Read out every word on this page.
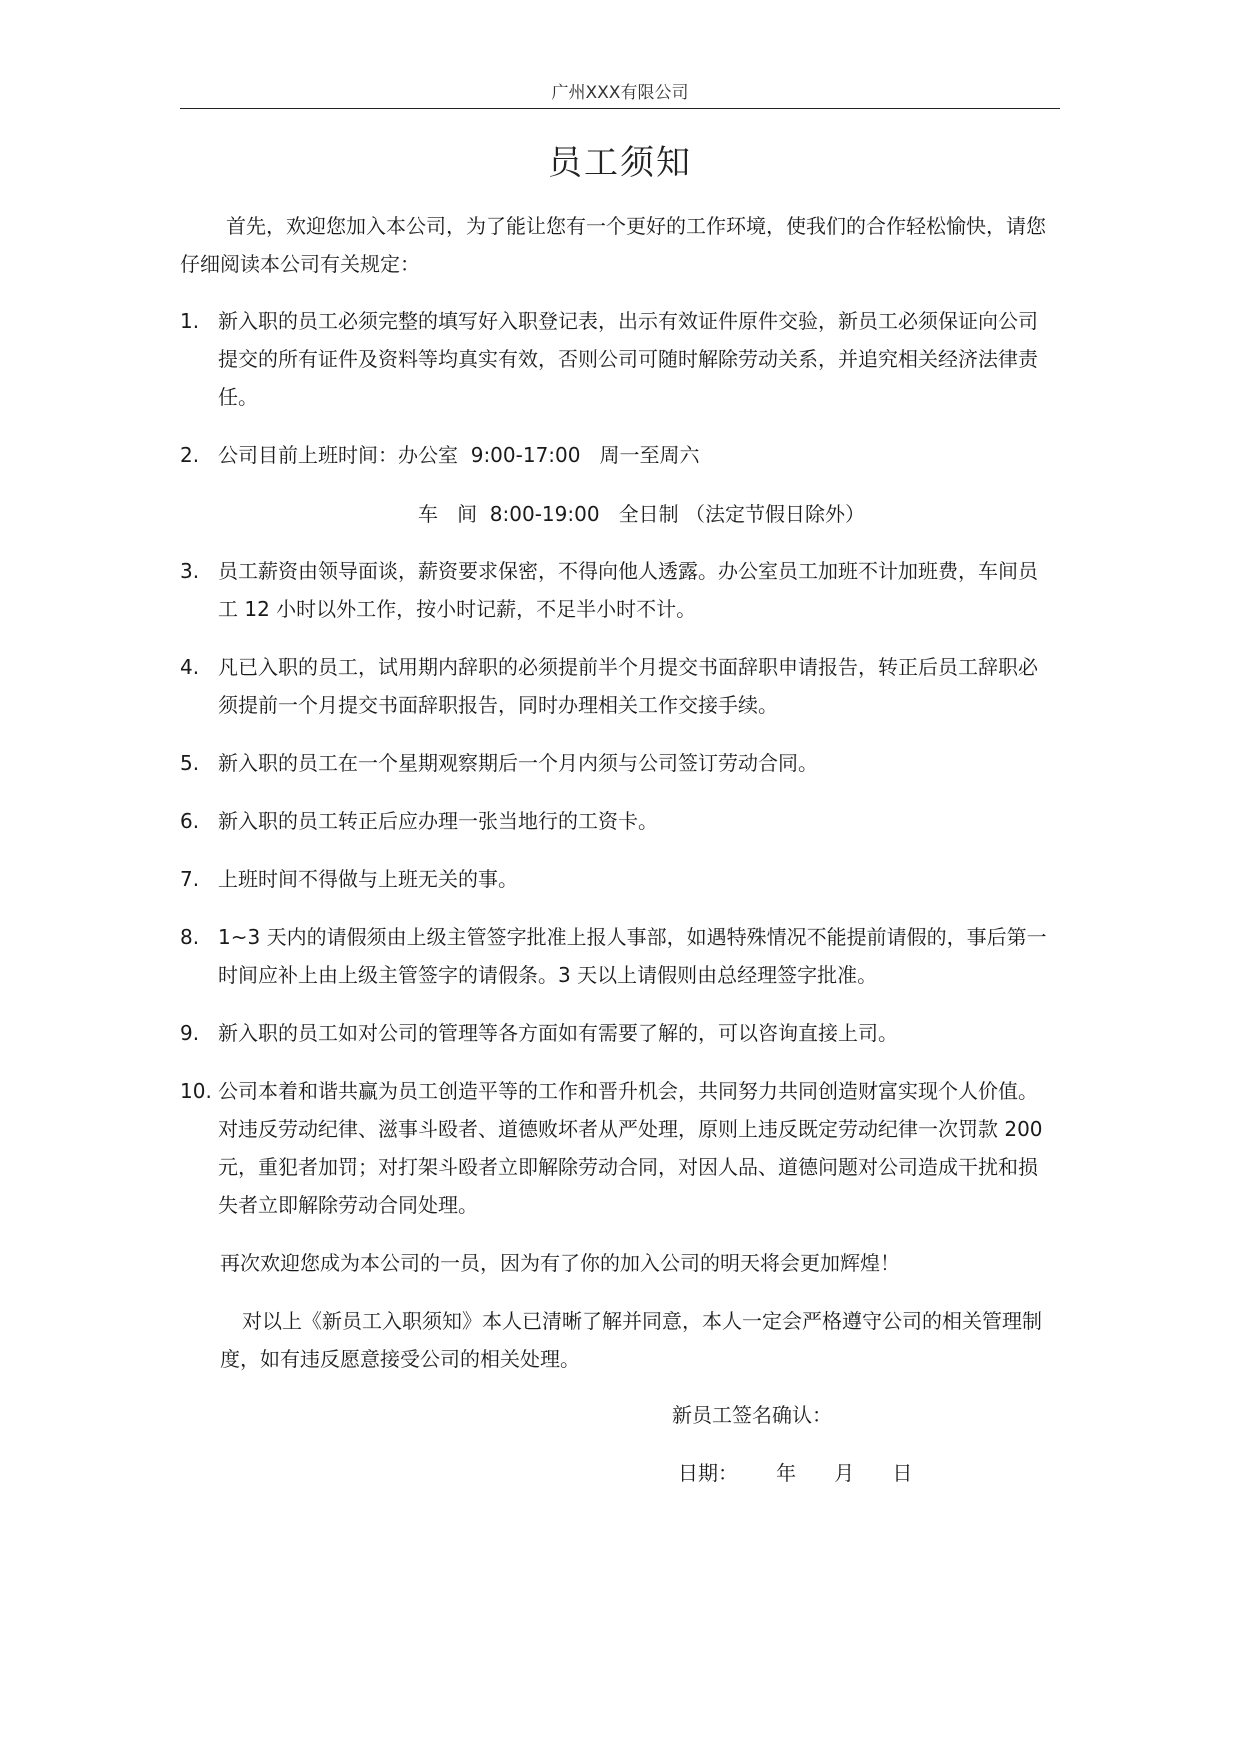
广州XXX有限公司
员工须知
首先，欢迎您加入本公司，为了能让您有一个更好的工作环境，使我们的合作轻松愉快，请您仔细阅读本公司有关规定：
1. 新入职的员工必须完整的填写好入职登记表，出示有效证件原件交验，新员工必须保证向公司提交的所有证件及资料等均真实有效，否则公司可随时解除劳动关系，并追究相关经济法律责任。
2. 公司目前上班时间：办公室  9:00-17:00   周一至周六
车   间  8:00-19:00   全日制 （法定节假日除外）
3. 员工薪资由领导面谈，薪资要求保密，不得向他人透露。办公室员工加班不计加班费，车间员工 12 小时以外工作，按小时记薪，不足半小时不计。
4. 凡已入职的员工，试用期内辞职的必须提前半个月提交书面辞职申请报告，转正后员工辞职必须提前一个月提交书面辞职报告，同时办理相关工作交接手续。
5. 新入职的员工在一个星期观察期后一个月内须与公司签订劳动合同。
6. 新入职的员工转正后应办理一张当地行的工资卡。
7. 上班时间不得做与上班无关的事。
8. 1~3 天内的请假须由上级主管签字批准上报人事部，如遇特殊情况不能提前请假的，事后第一时间应补上由上级主管签字的请假条。3 天以上请假则由总经理签字批准。
9. 新入职的员工如对公司的管理等各方面如有需要了解的，可以咨询直接上司。
10. 公司本着和谐共赢为员工创造平等的工作和晋升机会，共同努力共同创造财富实现个人价值。对违反劳动纪律、滋事斗殴者、道德败坏者从严处理，原则上违反既定劳动纪律一次罚款 200 元，重犯者加罚；对打架斗殴者立即解除劳动合同，对因人品、道德问题对公司造成干扰和损失者立即解除劳动合同处理。
再次欢迎您成为本公司的一员，因为有了你的加入公司的明天将会更加辉煌！
对以上《新员工入职须知》本人已清晰了解并同意，本人一定会严格遵守公司的相关管理制度，如有违反愿意接受公司的相关处理。
新员工签名确认：
日期：      年      月      日
